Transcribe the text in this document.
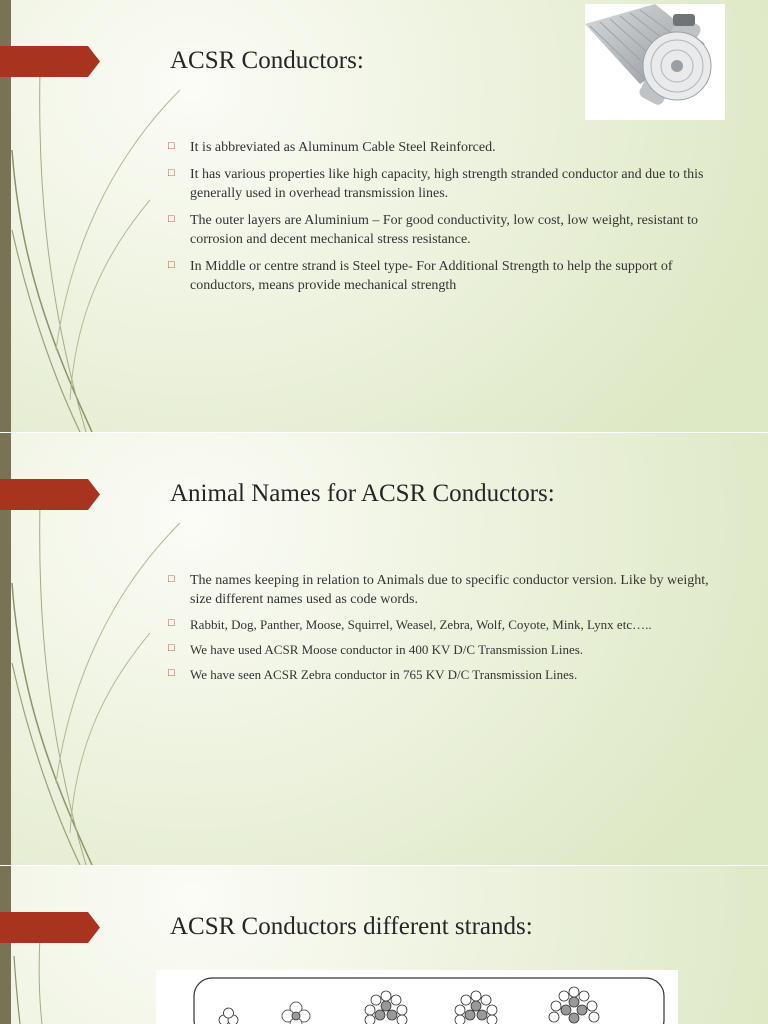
ACSR Conductors:
□ It is abbreviated as Aluminum Cable Steel Reinforced.
□ It has various properties like high capacity, high strength stranded conductor and due to this generally used in overhead transmission lines.
□ The outer layers are Aluminium – For good conductivity, low cost, low weight, resistant to corrosion and decent mechanical stress resistance.
□ In Middle or centre strand is Steel type- For Additional Strength to help the support of conductors, means provide mechanical strength
Animal Names for ACSR Conductors:
□ The names keeping in relation to Animals due to specific conductor version. Like by weight, size different names used as code words.
□ Rabbit, Dog, Panther, Moose, Squirrel, Weasel, Zebra, Wolf, Coyote, Mink, Lynx etc…..
□ We have used ACSR Moose conductor in 400 KV D/C Transmission Lines.
□ We have seen ACSR Zebra conductor in 765 KV D/C Transmission Lines.
ACSR Conductors different strands:
